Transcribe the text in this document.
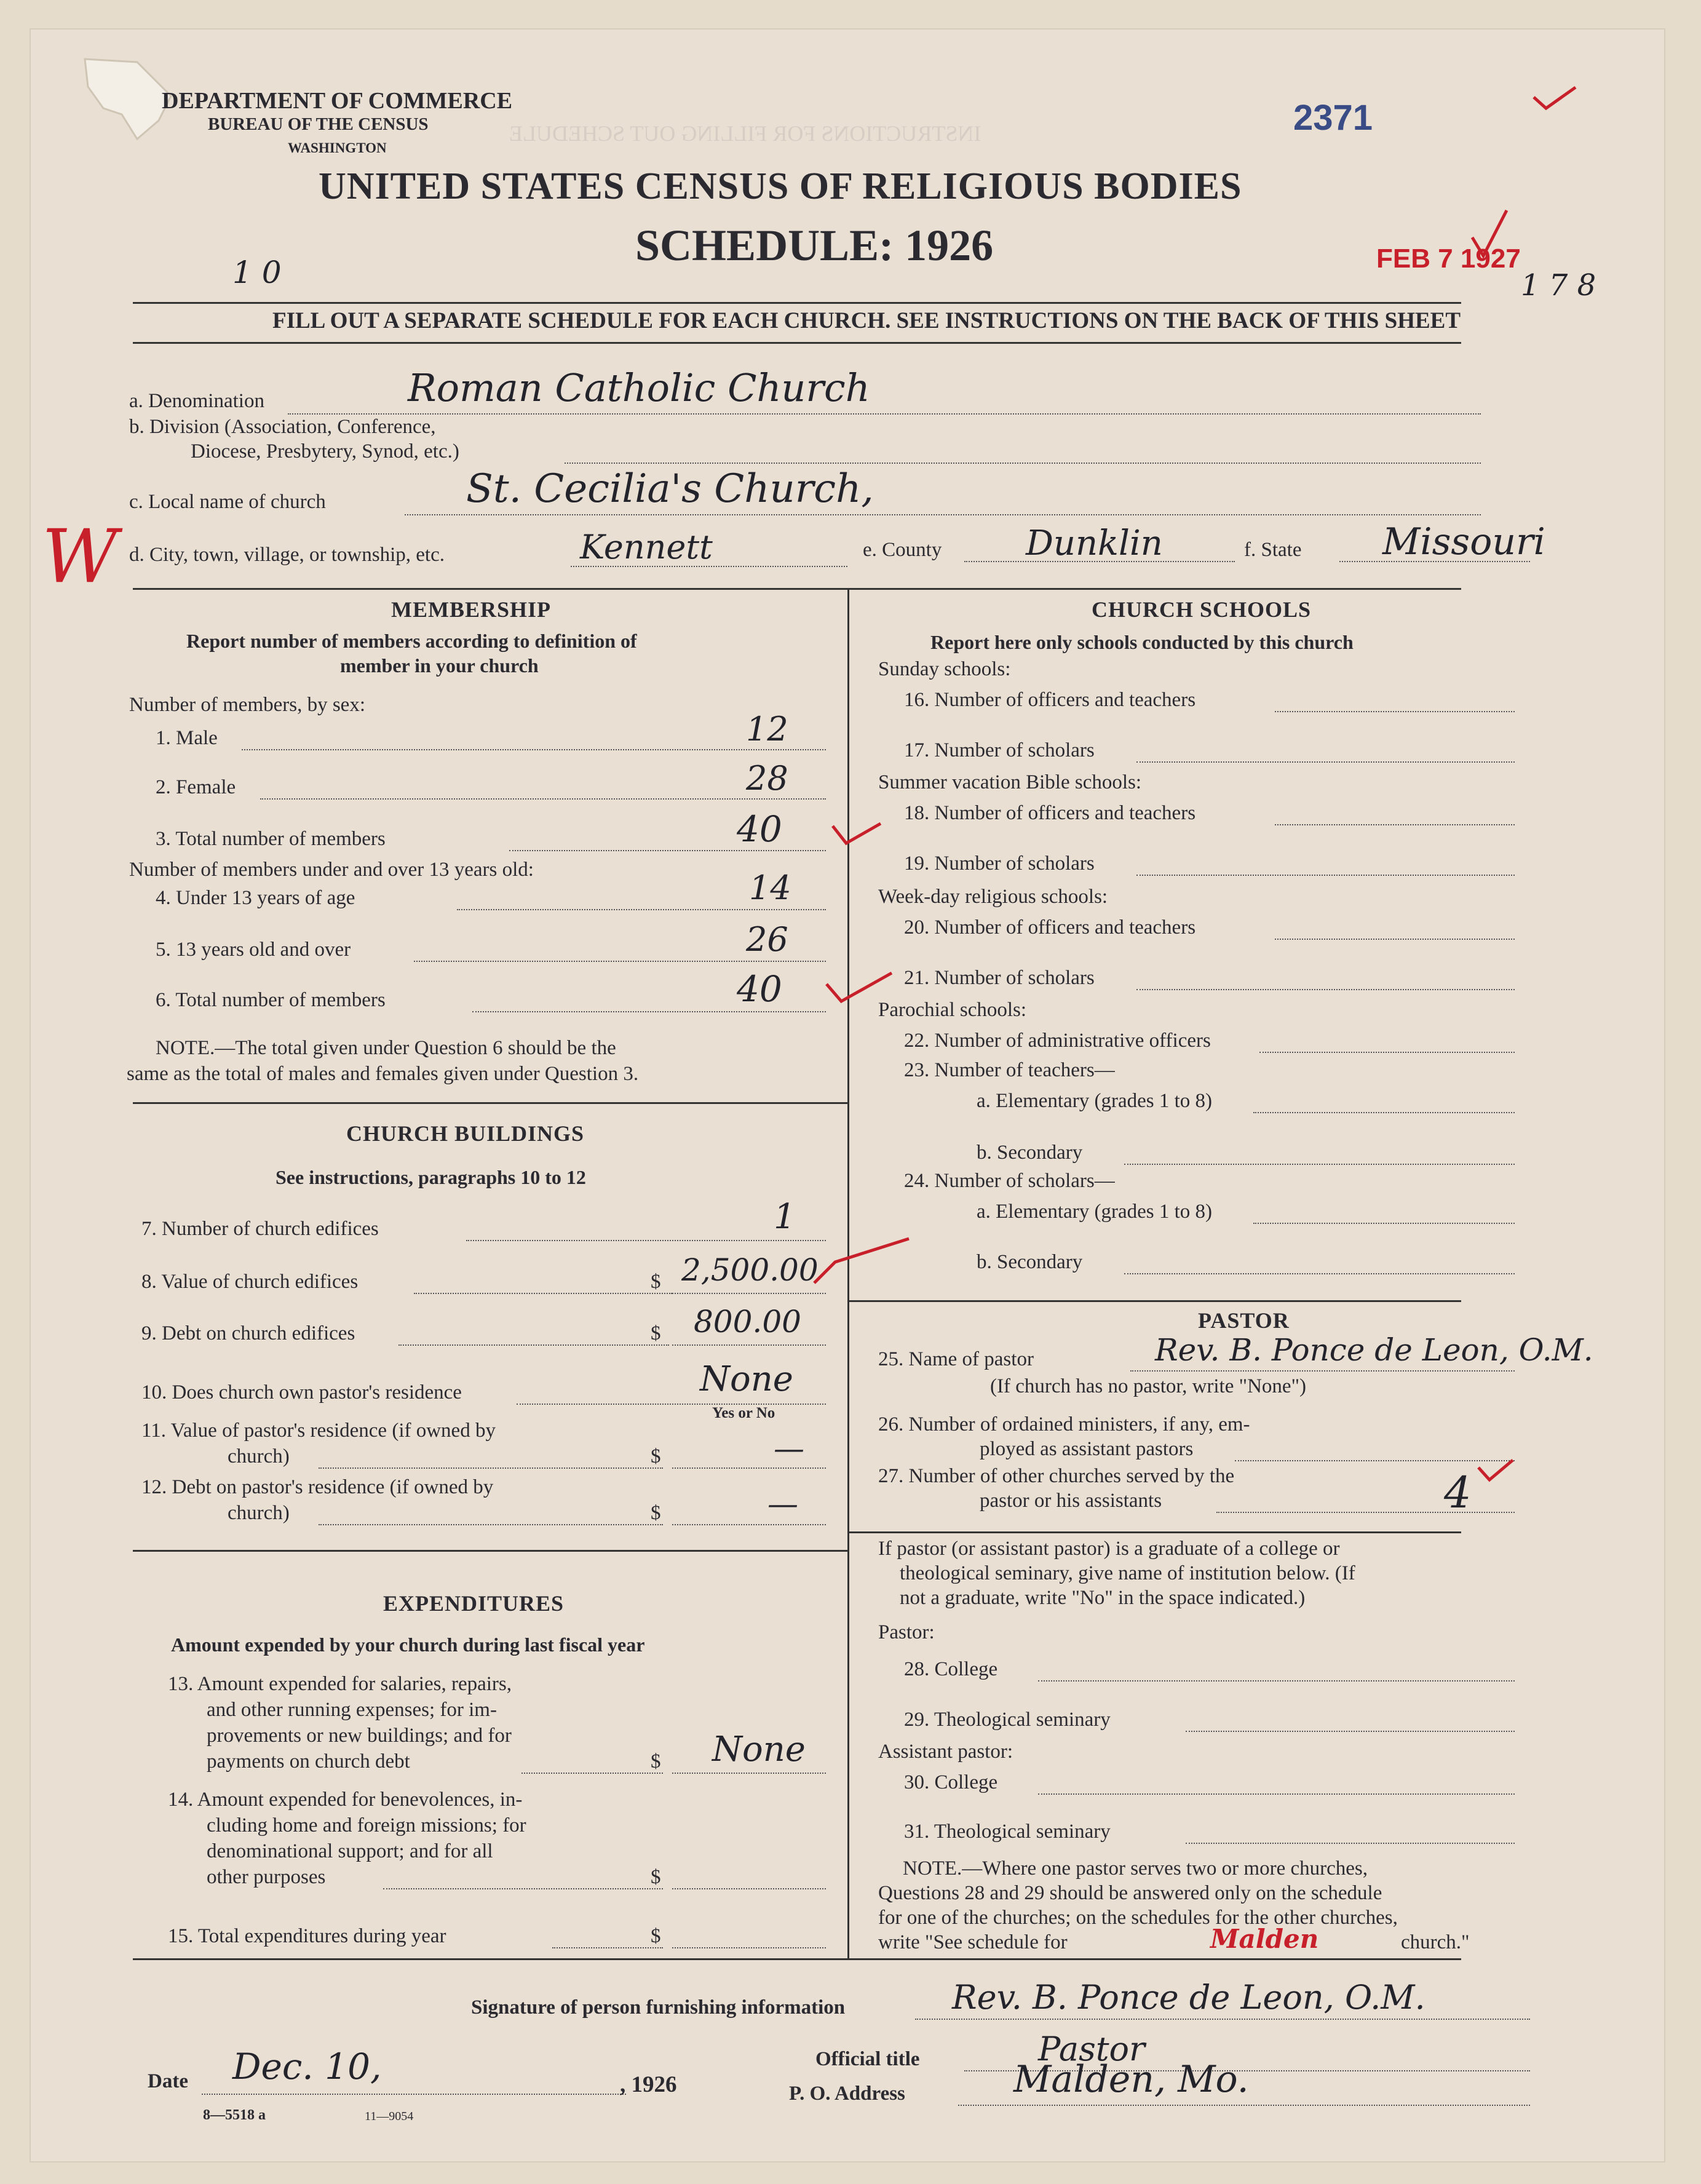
INSTRUCTIONS FOR FILLING OUT SCHEDULE
DEPARTMENT OF COMMERCE
BUREAU OF THE CENSUS
WASHINGTON
2371
UNITED STATES CENSUS OF RELIGIOUS BODIES
SCHEDULE: 1926
1 0	FEB 7 1927
1 7 8
FILL OUT A SEPARATE SCHEDULE FOR EACH CHURCH. SEE INSTRUCTIONS ON THE BACK OF THIS SHEET
a. Denomination	Roman Catholic Church
b. Division (Association, Conference,
Diocese, Presbytery, Synod, etc.)
c. Local name of church	St. Cecilia's Church,
W d. City, town, village, or township, etc.	Kennett	e. County Dunklin	f. State Missouri
MEMBERSHIP
Report number of members according to definition of
member in your church
Number of members, by sex:
1. Male	12
2. Female	28
3. Total number of members	40
Number of members under and over 13 years old:
4. Under 13 years of age	14
5. 13 years old and over	26
6. Total number of members	40
NOTE.—The total given under Question 6 should be the
same as the total of males and females given under Question 3.
CHURCH BUILDINGS
See instructions, paragraphs 10 to 12
7. Number of church edifices	1
8. Value of church edifices	$ 2,500.00
9. Debt on church edifices	$ 800.00
10. Does church own pastor's residence	None
Yes or No
11. Value of pastor's residence (if owned by
church)	$	—
12. Debt on pastor's residence (if owned by
church)	$	—
EXPENDITURES
Amount expended by your church during last fiscal year
13. Amount expended for salaries, repairs,
and other running expenses; for im-
provements or new buildings; and for
payments on church debt	$ None
14. Amount expended for benevolences, in-
cluding home and foreign missions; for
denominational support; and for all
other purposes	$
15. Total expenditures during year	$
CHURCH SCHOOLS
Report here only schools conducted by this church
Sunday schools:
16. Number of officers and teachers
17. Number of scholars
Summer vacation Bible schools:
18. Number of officers and teachers
19. Number of scholars
Week-day religious schools:
20. Number of officers and teachers
21. Number of scholars
Parochial schools:
22. Number of administrative officers
23. Number of teachers—
a. Elementary (grades 1 to 8)
b. Secondary
24. Number of scholars—
a. Elementary (grades 1 to 8)
b. Secondary
PASTOR
25. Name of pastor	Rev. B. Ponce de Leon, O.M.
(If church has no pastor, write "None")
26. Number of ordained ministers, if any, em-
ployed as assistant pastors
27. Number of other churches served by the
pastor or his assistants	4
If pastor (or assistant pastor) is a graduate of a college or
theological seminary, give name of institution below. (If
not a graduate, write "No" in the space indicated.)
Pastor:
28. College
29. Theological seminary
Assistant pastor:
30. College
31. Theological seminary
NOTE.—Where one pastor serves two or more churches,
Questions 28 and 29 should be answered only on the schedule
for one of the churches; on the schedules for the other churches,
write "See schedule for	Malden	church."
Signature of person furnishing information	Rev. B. Ponce de Leon, O.M.
Official title	Pastor
Date Dec. 10,	, 1926	P. O. Address	Malden, Mo.
8—5518 a	11—9054
